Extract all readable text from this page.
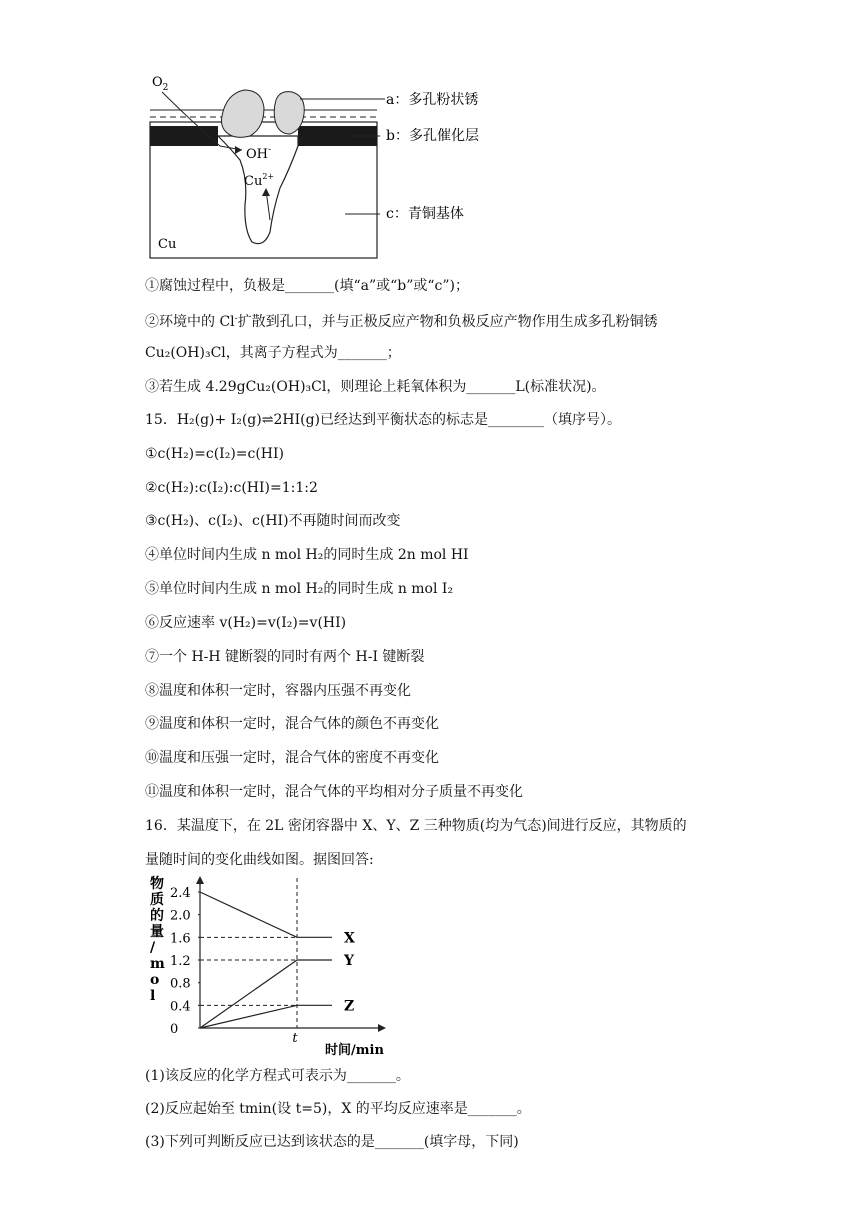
$O_2$
OH-
$Cu^{2+}$
Cu
a：多孔粉状锈
b：多孔催化层
c：青铜基体
①腐蚀过程中，负极是_______(填“a”或“b”或“c”)；
②环境中的 Cl-扩散到孔口，并与正极反应产物和负极反应产物作用生成多孔粉铜锈
Cu₂(OH)₃Cl，其离子方程式为_______；
③若生成 4.29gCu₂(OH)₃Cl，则理论上耗氧体积为_______L(标准状况)。
15．H₂(g)+ I₂(g)⇌2HI(g)已经达到平衡状态的标志是________（填序号）。
①c(H₂)=c(I₂)=c(HI)
②c(H₂):c(I₂):c(HI)=1:1:2
③c(H₂)、c(I₂)、c(HI)不再随时间而改变
④单位时间内生成 n mol H₂的同时生成 2n mol HI
⑤单位时间内生成 n mol H₂的同时生成 n mol I₂
⑥反应速率 v(H₂)=v(I₂)=v(HI)
⑦一个 H-H 键断裂的同时有两个 H-I 键断裂
⑧温度和体积一定时，容器内压强不再变化
⑨温度和体积一定时，混合气体的颜色不再变化
⑩温度和压强一定时，混合气体的密度不再变化
⑪温度和体积一定时，混合气体的平均相对分子质量不再变化
16．某温度下，在 2L 密闭容器中 X、Y、Z 三种物质(均为气态)间进行反应，其物质的
量随时间的变化曲线如图。据图回答:
物
质
的
量
/
m
o
l
2.4
2.0
1.6
1.2
0.8
0.4
0
X
Y
Z
t
时间/min
(1)该反应的化学方程式可表示为_______。
(2)反应起始至 tmin(设 t=5)，X 的平均反应速率是_______。
(3)下列可判断反应已达到该状态的是_______(填字母，下同)
